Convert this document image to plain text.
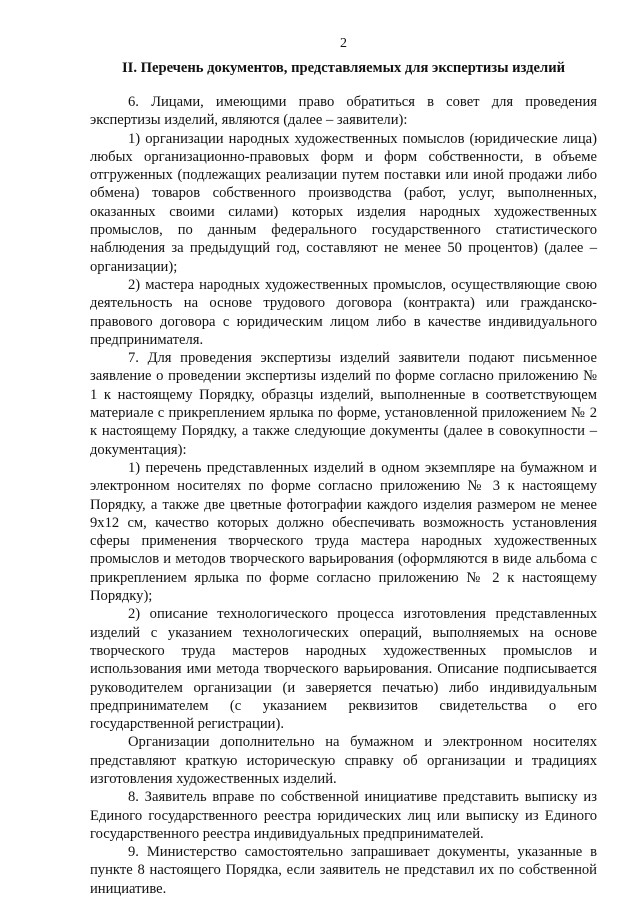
2
II. Перечень документов, представляемых для экспертизы изделий

6. Лицами, имеющими право обратиться в совет для проведения экспертизы изделий, являются (далее – заявители):

1) организации народных художественных помыслов (юридические лица) любых организационно-правовых форм и форм собственности, в объеме отгруженных (подлежащих реализации путем поставки или иной продажи либо обмена) товаров собственного производства (работ, услуг, выполненных, оказанных своими силами) которых изделия народных художественных промыслов, по данным федерального государственного статистического наблюдения за предыдущий год, составляют не менее 50 процентов) (далее – организации);

2) мастера народных художественных промыслов, осуществляющие свою деятельность на основе трудового договора (контракта) или гражданско-правового договора с юридическим лицом либо в качестве индивидуального предпринимателя.

7. Для проведения экспертизы изделий заявители подают письменное заявление о проведении экспертизы изделий по форме согласно приложению № 1 к настоящему Порядку, образцы изделий, выполненные в соответствующем материале с прикреплением ярлыка по форме, установленной приложением № 2 к настоящему Порядку, а также следующие документы (далее в совокупности – документация):

1) перечень представленных изделий в одном экземпляре на бумажном и электронном носителях по форме согласно приложению № 3 к настоящему Порядку, а также две цветные фотографии каждого изделия размером не менее 9х12 см, качество которых должно обеспечивать возможность установления сферы применения творческого труда мастера народных художественных промыслов и методов творческого варьирования (оформляются в виде альбома с прикреплением ярлыка по форме согласно приложению № 2 к настоящему Порядку);

2) описание технологического процесса изготовления представленных изделий с указанием технологических операций, выполняемых на основе творческого труда мастеров народных художественных промыслов и использования ими метода творческого варьирования. Описание подписывается руководителем организации (и заверяется печатью) либо индивидуальным предпринимателем (с указанием реквизитов свидетельства о его государственной регистрации).

Организации дополнительно на бумажном и электронном носителях представляют краткую историческую справку об организации и традициях изготовления художественных изделий.

8. Заявитель вправе по собственной инициативе представить выписку из Единого государственного реестра юридических лиц или выписку из Единого государственного реестра индивидуальных предпринимателей.

9. Министерство самостоятельно запрашивает документы, указанные в пункте 8 настоящего Порядка, если заявитель не представил их по собственной инициативе.
